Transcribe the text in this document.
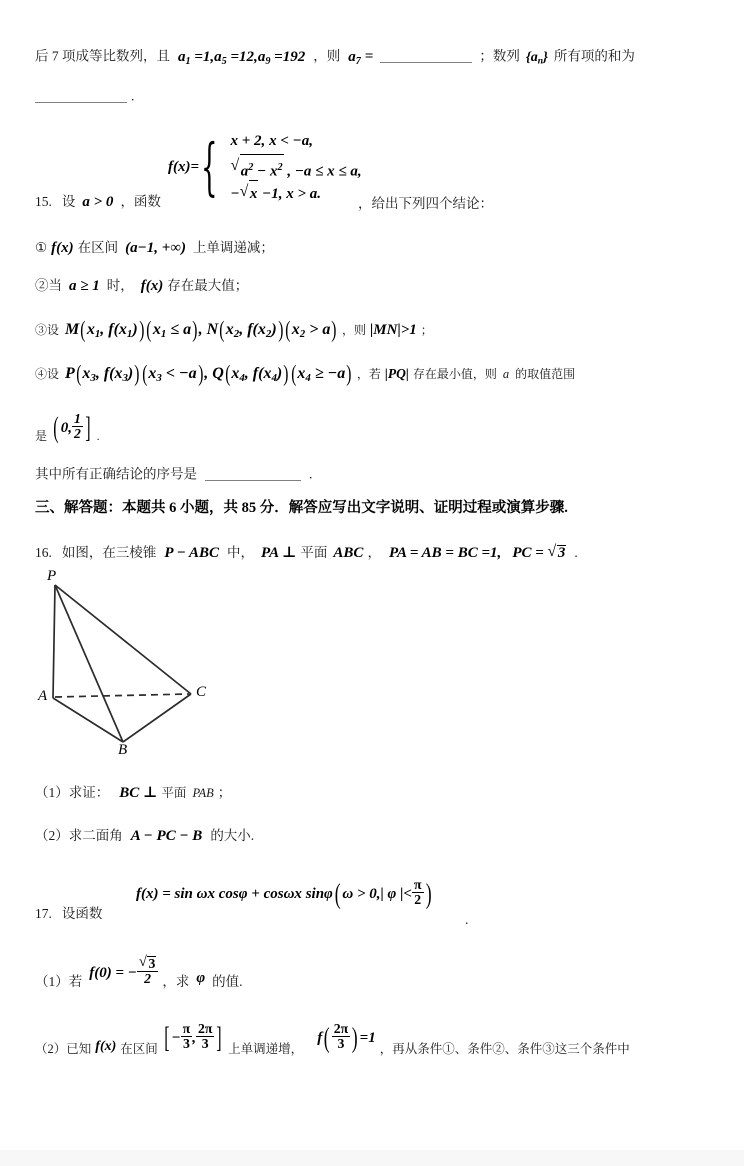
后 7 项成等比数列，且 $a_1 =1,a_5 =12,a_9 =192$ ，则 $a_7$ =	；数列 $\{a_n\}$ 所有项的和为
.
f(x)= { x + 2, x < −a,
√ $a^2 - x^2$ , −a ≤ x ≤ a,
− √ x −1, x > a.
15. 设 a > 0 ，函数	，给出下列四个结论：
① f(x) 在区间 (a−1, +∞) 上单调递减；
②当 a ≥ 1 时， f(x) 存在最大值；
③设 $M(x_1$, $f(x_1)$) $(x_1 \le a)$, $N(x_2$, $f(x_2)$) $(x_2 > a)$ ，则 |MN|>1 ；
④设 $P(x_3$, $f(x_3)$) $(x_3 < -a)$, $Q(x_4$, $f(x_4)$) $(x_4 \ge -a)$ ，若 |PQ| 存在最小值，则 a 的取值范围
$_是$ ( 0, $\frac{1}{2}$ ] $_.$
其中所有正确结论的序号是	.
三、解答题：本题共 6 小题，共 85 分．解答应写出文字说明、证明过程或演算步骤.
16. 如图，在三棱锥 P − ABC 中， PA ⊥ 平面 ABC ， PA = AB = BC =1, PC = √ 3 .
P
A
B
C
（1）求证： BC ⊥ 平面 PAB ；
（2）求二面角 A − PC − B 的大小.
f(x) = sin ωx cosφ + cosωx sinφ( ω > 0,| φ |< $\frac{\pi}{2}$ )
17. 设函数	.
$_{(1)若}$ f(0) = − √ $\frac{3}{2} _{,求}$ φ $_{的值.}$
$_{(2)已知}$ f(x) $_{在区间}$ [ − $\frac{\pi}{3}$ , $\frac{2\pi}{3}$ ] $_{上单调递增,}$ $f( \frac{2\pi}{3}$ ) =1 $_{,再从条件①、条件②、条件③这三个条件中}$
